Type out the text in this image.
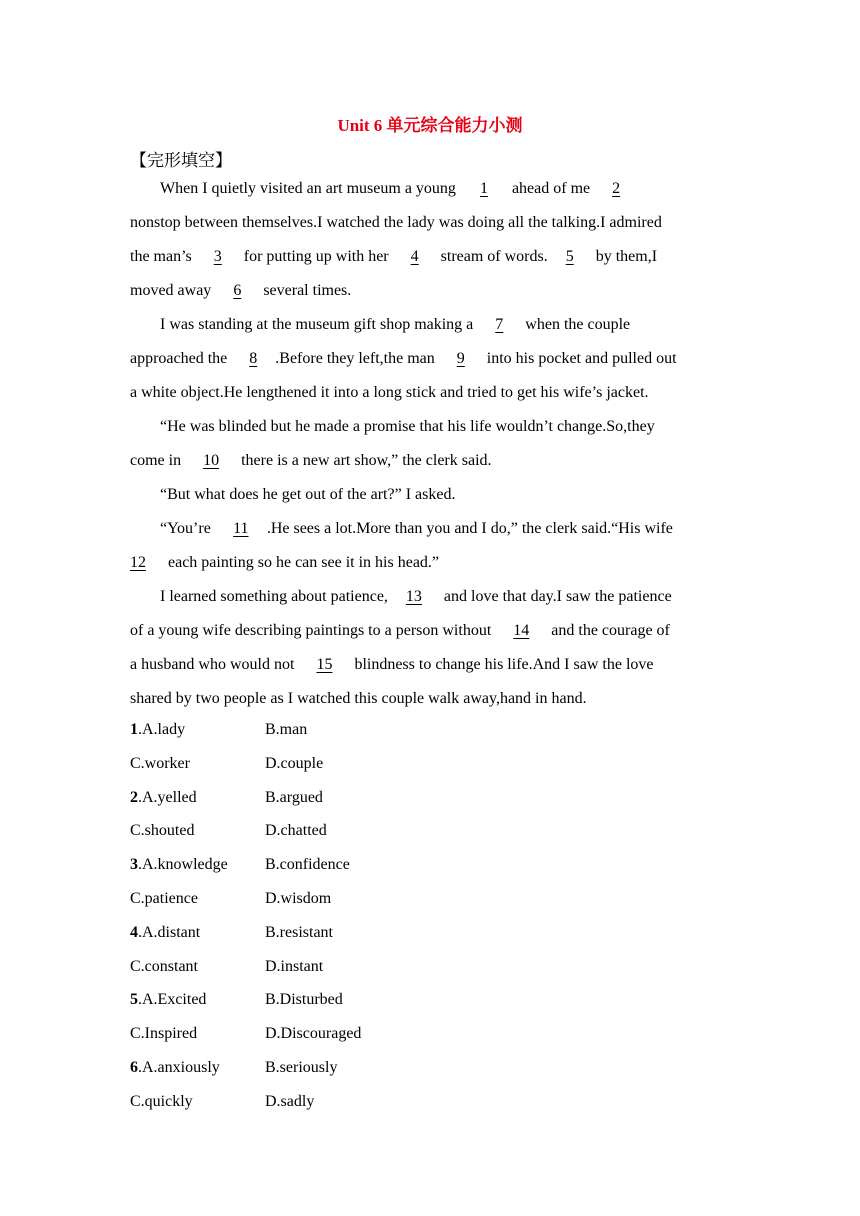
Unit 6 单元综合能力小测
【完形填空】
When I quietly visited an art museum a young 1 ahead of me 2
nonstop between themselves.I watched the lady was doing all the talking.I admired
the man’s 3 for putting up with her 4 stream of words. 5 by them,I
moved away 6 several times.
I was standing at the museum gift shop making a 7 when the couple
approached the 8 .Before they left,the man 9 into his pocket and pulled out
a white object.He lengthened it into a long stick and tried to get his wife’s jacket.
“He was blinded but he made a promise that his life wouldn’t change.So,they
come in 10 there is a new art show,” the clerk said.
“But what does he get out of the art?” I asked.
“You’re 11 .He sees a lot.More than you and I do,” the clerk said.“His wife
12 each painting so he can see it in his head.”
I learned something about patience, 13 and love that day.I saw the patience
of a young wife describing paintings to a person without 14 and the courage of
a husband who would not 15 blindness to change his life.And I saw the love
shared by two people as I watched this couple walk away,hand in hand.
1.A.lady	B.man
C.worker	D.couple
2.A.yelled	B.argued
C.shouted	D.chatted
3.A.knowledge	B.confidence
C.patience	D.wisdom
4.A.distant	B.resistant
C.constant	D.instant
5.A.Excited	B.Disturbed
C.Inspired	D.Discouraged
6.A.anxiously	B.seriously
C.quickly	D.sadly
